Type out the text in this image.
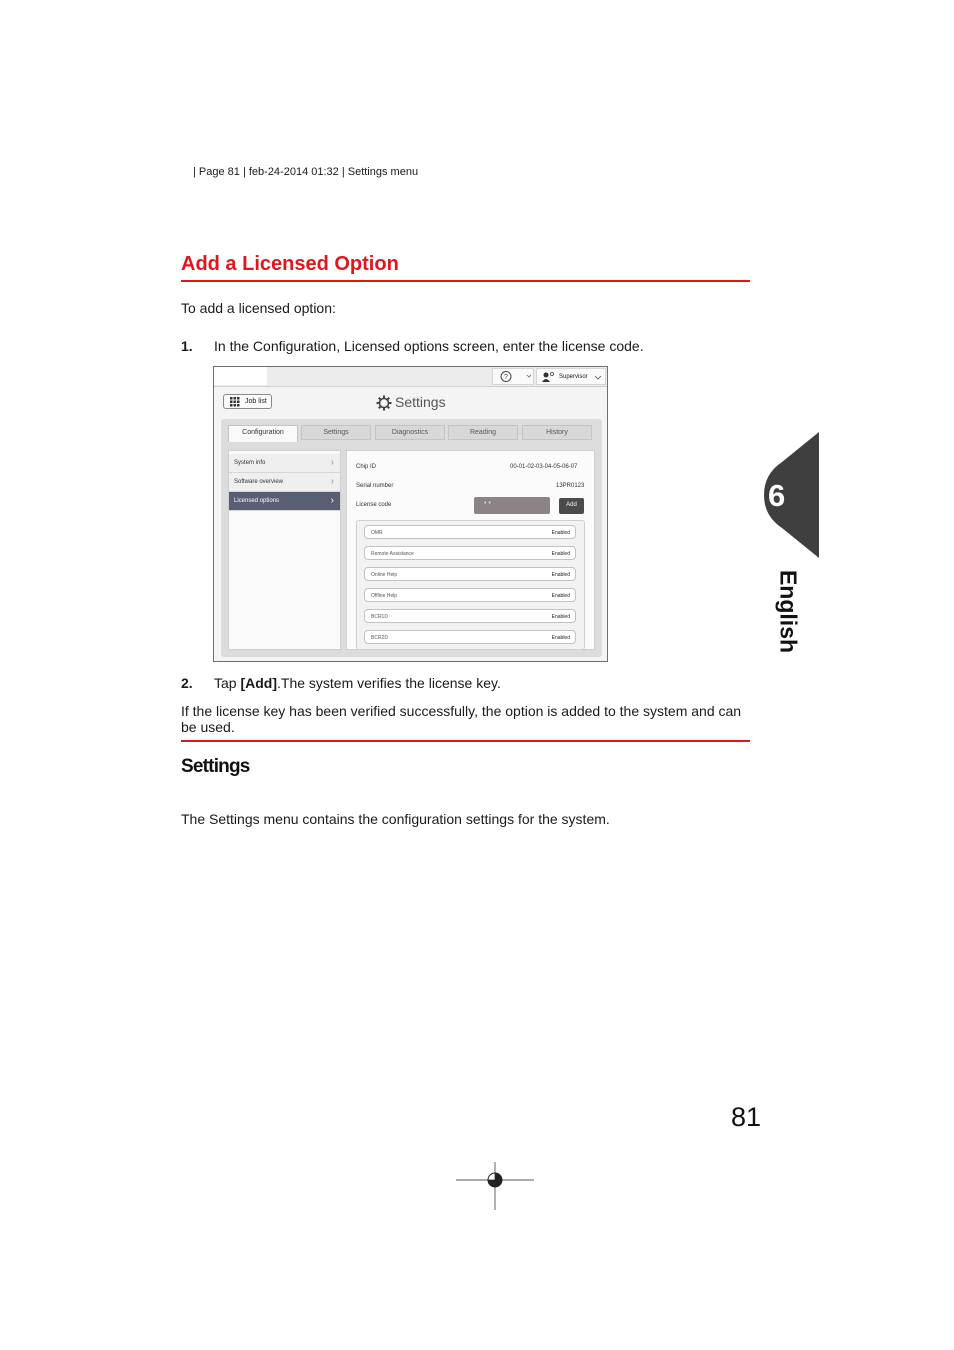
| Page 81 | feb-24-2014 01:32 | Settings menu
Add a Licensed Option
To add a licensed option:
1. In the Configuration, Licensed options screen, enter the license code.
?	Supervisor
Job list	Settings
Configuration	Settings	Diagnostics	Reading	History
System info	›
Software overview	›
Licensed options	›
Chip ID	00-01-02-03-04-05-06-07
Serial number	13PR0123
License code	• •	Add
OMR	Enabled
Remote Assistance	Enabled
Online Help	Enabled
Offline Help	Enabled
BCR1D	Enabled
BCR2D	Enabled
2. Tap [Add].The system verifies the license key.
If the license key has been verified successfully, the option is added to the system and can
be used.
Settings
The Settings menu contains the configuration settings for the system.
6
English
81
